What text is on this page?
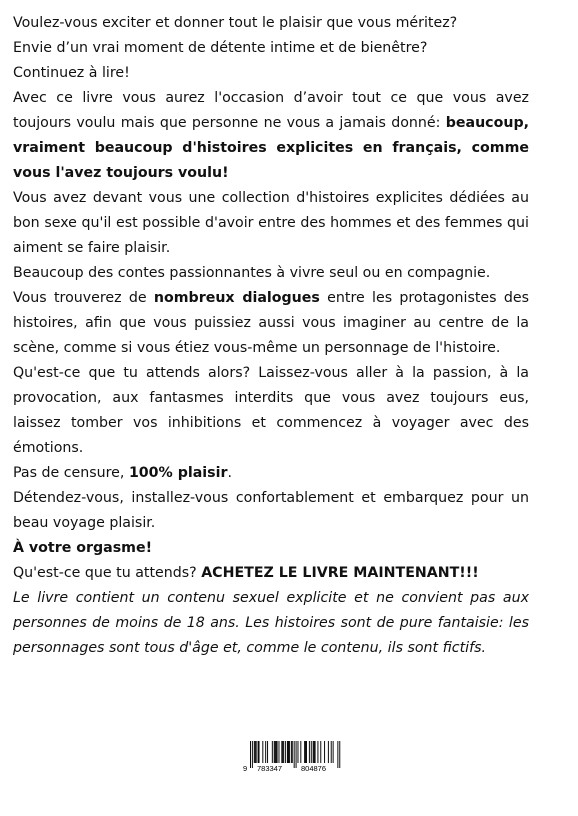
Voulez-vous exciter et donner tout le plaisir que vous méritez?

Envie d’un vrai moment de détente intime et de bienêtre?

Continuez à lire!

Avec ce livre vous aurez l'occasion d’avoir tout ce que vous avez toujours voulu mais que personne ne vous a jamais donné: beaucoup, vraiment beaucoup d'histoires explicites en français, comme vous l'avez toujours voulu!

Vous avez devant vous une collection d'histoires explicites dédiées au bon sexe qu'il est possible d'avoir entre des hommes et des femmes qui aiment se faire plaisir.

Beaucoup des contes passionnantes à vivre seul ou en compagnie.

Vous trouverez de nombreux dialogues entre les protagonistes des histoires, afin que vous puissiez aussi vous imaginer au centre de la scène, comme si vous étiez vous-même un personnage de l'histoire.

Qu'est-ce que tu attends alors? Laissez-vous aller à la passion, à la provocation, aux fantasmes interdits que vous avez toujours eus, laissez tomber vos inhibitions et commencez à voyager avec des émotions.

Pas de censure, 100% plaisir.

Détendez-vous, installez-vous confortablement et embarquez pour un beau voyage plaisir.

À votre orgasme!

Qu'est-ce que tu attends? ACHETEZ LE LIVRE MAINTENANT!!!

Le livre contient un contenu sexuel explicite et ne convient pas aux personnes de moins de 18 ans. Les histoires sont de pure fantaisie: les personnages sont tous d'âge et, comme le contenu, ils sont fictifs.

9 783347	804876
